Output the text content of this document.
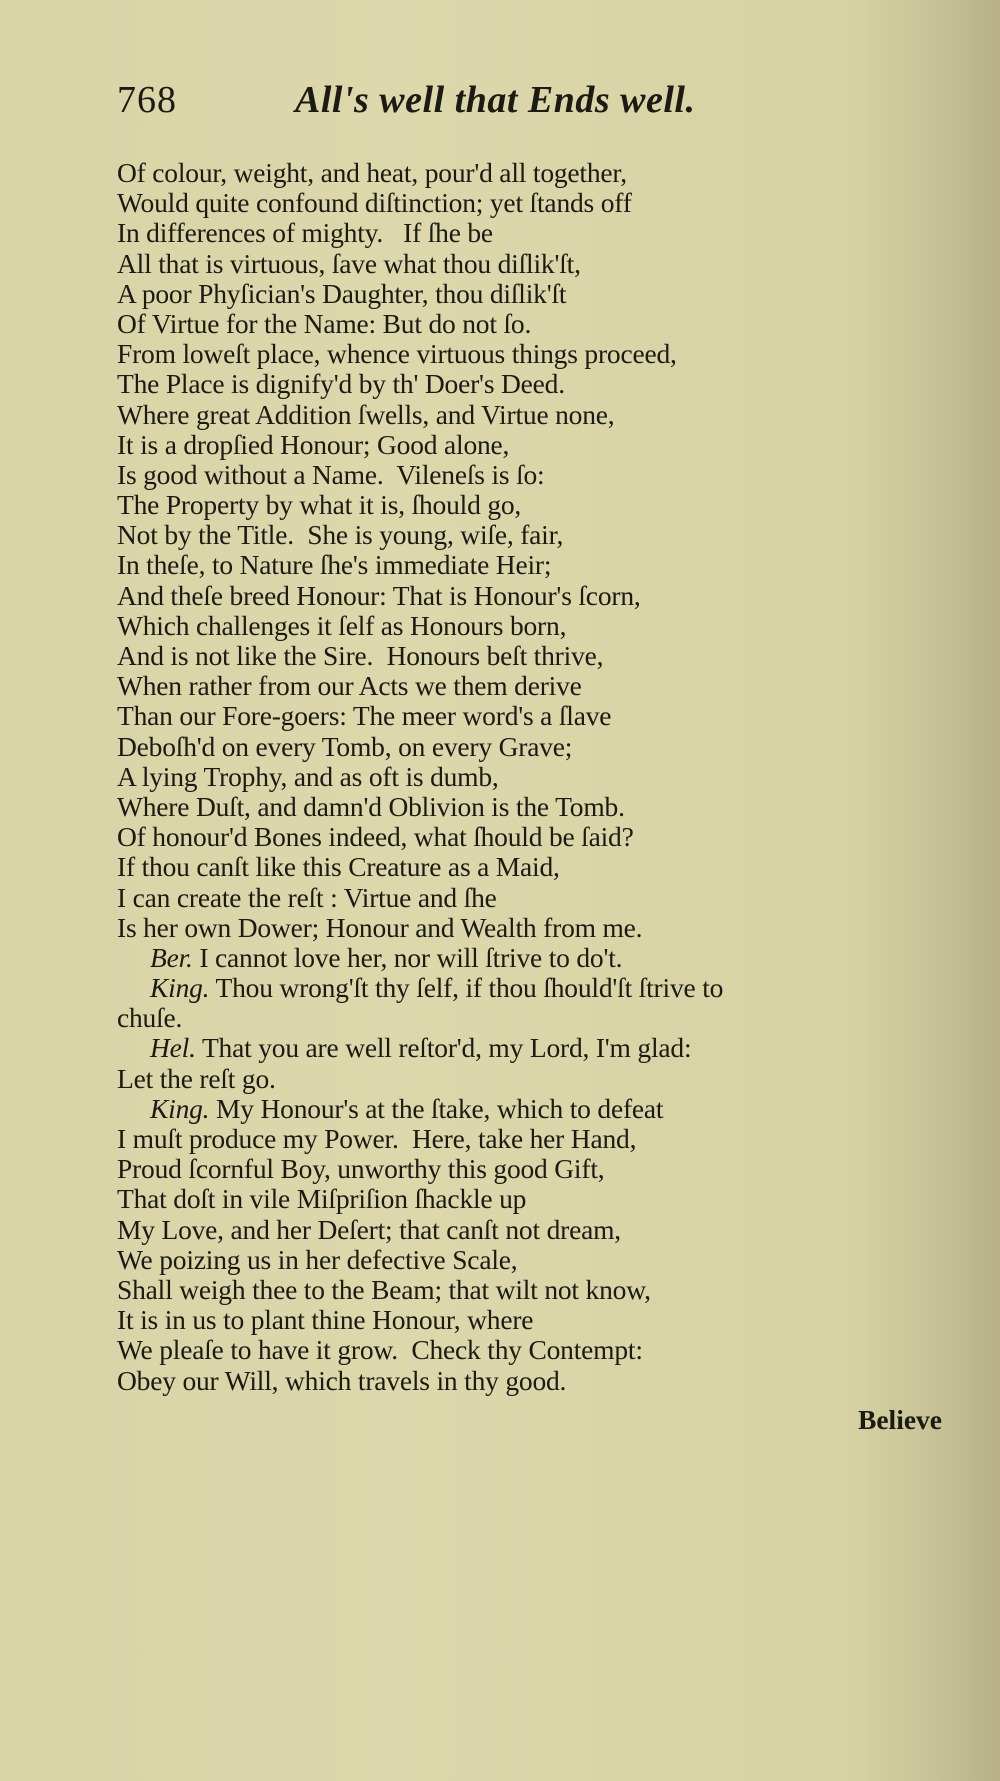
768	All's well that Ends well.
Of colour, weight, and heat, pour'd all together,
Would quite confound diſtinction; yet ſtands off
In differences of mighty.   If ſhe be
All that is virtuous, ſave what thou diſlik'ſt,
A poor Phyſician's Daughter, thou diſlik'ſt
Of Virtue for the Name: But do not ſo.
From loweſt place, whence virtuous things proceed,
The Place is dignify'd by th' Doer's Deed.
Where great Addition ſwells, and Virtue none,
It is a dropſied Honour; Good alone,
Is good without a Name.  Vileneſs is ſo:
The Property by what it is, ſhould go,
Not by the Title.  She is young, wiſe, fair,
In theſe, to Nature ſhe's immediate Heir;
And theſe breed Honour: That is Honour's ſcorn,
Which challenges it ſelf as Honours born,
And is not like the Sire.  Honours beſt thrive,
When rather from our Acts we them derive
Than our Fore-goers: The meer word's a ſlave
Deboſh'd on every Tomb, on every Grave;
A lying Trophy, and as oft is dumb,
Where Duſt, and damn'd Oblivion is the Tomb.
Of honour'd Bones indeed, what ſhould be ſaid?
If thou canſt like this Creature as a Maid,
I can create the reſt : Virtue and ſhe
Is her own Dower; Honour and Wealth from me.
Ber. I cannot love her, nor will ſtrive to do't.
King. Thou wrong'ſt thy ſelf, if thou ſhould'ſt ſtrive to
chuſe.
Hel. That you are well reſtor'd, my Lord, I'm glad:
Let the reſt go.
King. My Honour's at the ſtake, which to defeat
I muſt produce my Power.  Here, take her Hand,
Proud ſcornful Boy, unworthy this good Gift,
That doſt in vile Miſpriſion ſhackle up
My Love, and her Deſert; that canſt not dream,
We poizing us in her defective Scale,
Shall weigh thee to the Beam; that wilt not know,
It is in us to plant thine Honour, where
We pleaſe to have it grow.  Check thy Contempt:
Obey our Will, which travels in thy good.
Believe
